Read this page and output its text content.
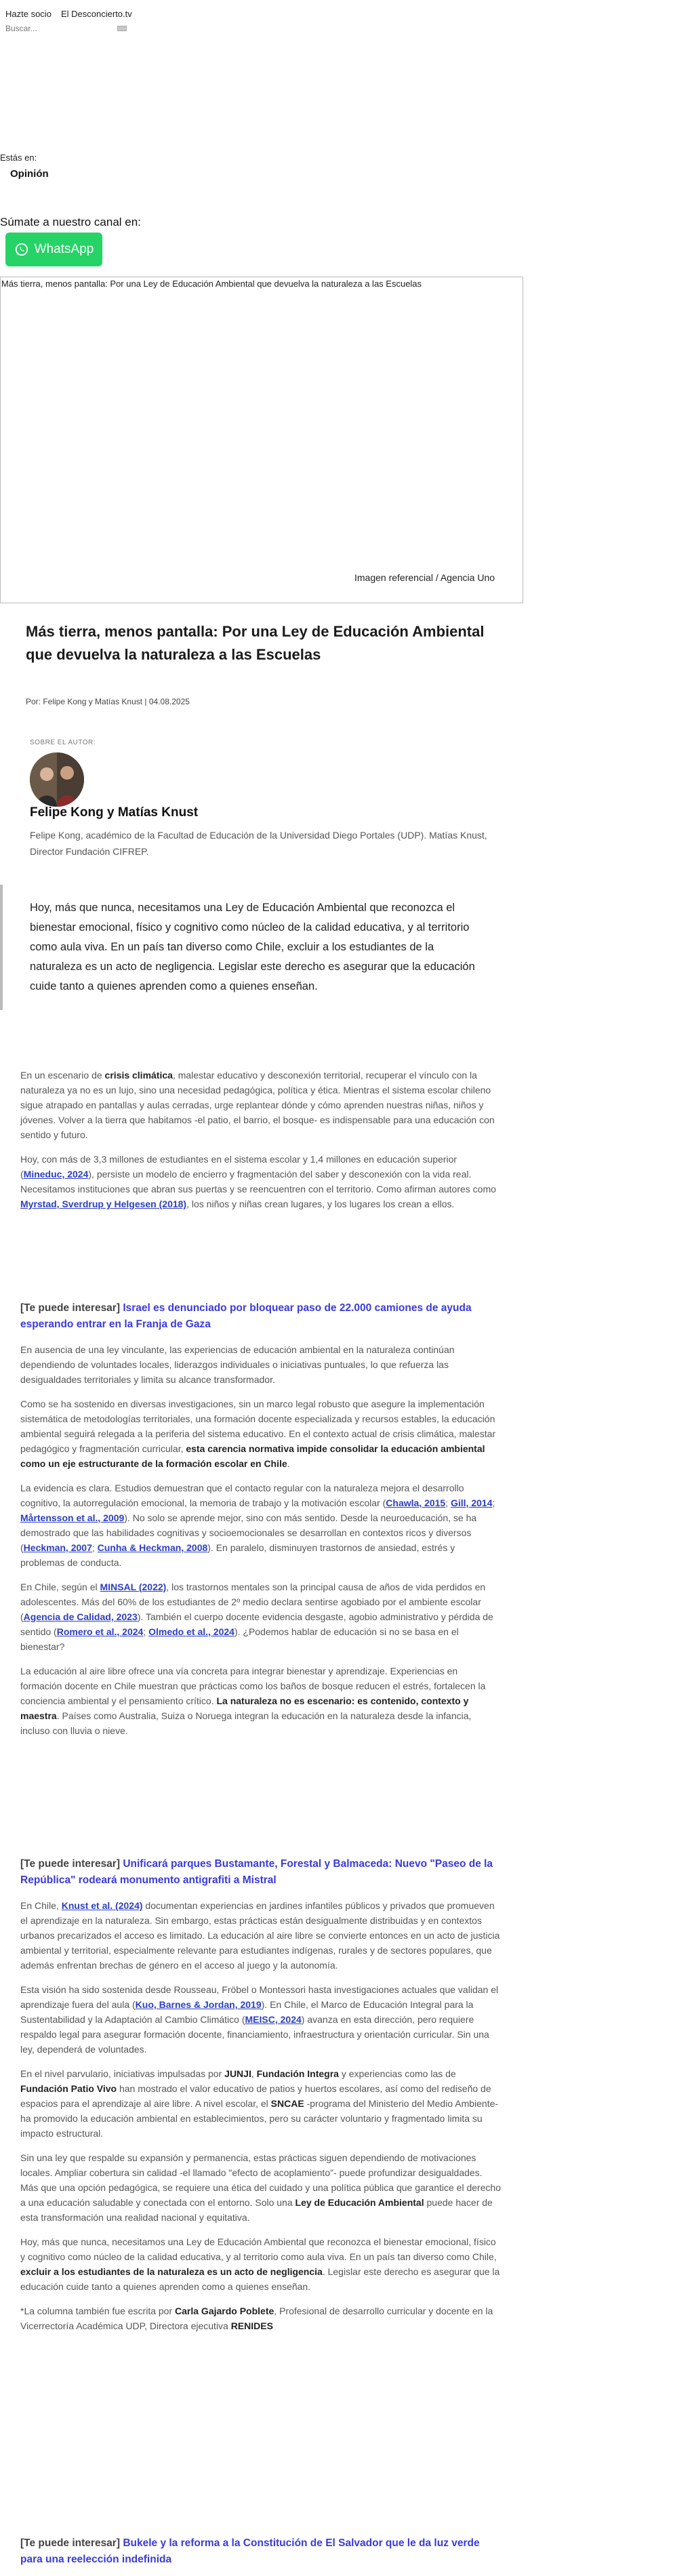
Hazte socio El Desconcierto.tv
Buscar...
Estás en:
Opinión
Súmate a nuestro canal en:
WhatsApp
Más tierra, menos pantalla: Por una Ley de Educación Ambiental que devuelva la naturaleza a las Escuelas
Imagen referencial / Agencia Uno
Más tierra, menos pantalla: Por una Ley de Educación Ambiental que devuelva la naturaleza a las Escuelas
Por: Felipe Kong y Matías Knust | 04.08.2025
SOBRE EL AUTOR:
Felipe Kong y Matías Knust

Felipe Kong, académico de la Facultad de Educación de la Universidad Diego Portales (UDP). Matías Knust, Director Fundación CIFREP.

Hoy, más que nunca, necesitamos una Ley de Educación Ambiental que reconozca el bienestar emocional, físico y cognitivo como núcleo de la calidad educativa, y al territorio como aula viva. En un país tan diverso como Chile, excluir a los estudiantes de la naturaleza es un acto de negligencia. Legislar este derecho es asegurar que la educación cuide tanto a quienes aprenden como a quienes enseñan.

En un escenario de crisis climática, malestar educativo y desconexión territorial, recuperar el vínculo con la naturaleza ya no es un lujo, sino una necesidad pedagógica, política y ética. Mientras el sistema escolar chileno sigue atrapado en pantallas y aulas cerradas, urge replantear dónde y cómo aprenden nuestras niñas, niños y jóvenes. Volver a la tierra que habitamos -el patio, el barrio, el bosque- es indispensable para una educación con sentido y futuro.

Hoy, con más de 3,3 millones de estudiantes en el sistema escolar y 1,4 millones en educación superior (Mineduc, 2024), persiste un modelo de encierro y fragmentación del saber y desconexión con la vida real. Necesitamos instituciones que abran sus puertas y se reencuentren con el territorio. Como afirman autores como Myrstad, Sverdrup y Helgesen (2018), los niños y niñas crean lugares, y los lugares los crean a ellos.

[Te puede interesar] Israel es denunciado por bloquear paso de 22.000 camiones de ayuda esperando entrar en la Franja de Gaza

En ausencia de una ley vinculante, las experiencias de educación ambiental en la naturaleza continúan dependiendo de voluntades locales, liderazgos individuales o iniciativas puntuales, lo que refuerza las desigualdades territoriales y limita su alcance transformador.

Como se ha sostenido en diversas investigaciones, sin un marco legal robusto que asegure la implementación sistemática de metodologías territoriales, una formación docente especializada y recursos estables, la educación ambiental seguirá relegada a la periferia del sistema educativo. En el contexto actual de crisis climática, malestar pedagógico y fragmentación curricular, esta carencia normativa impide consolidar la educación ambiental como un eje estructurante de la formación escolar en Chile.

La evidencia es clara. Estudios demuestran que el contacto regular con la naturaleza mejora el desarrollo cognitivo, la autorregulación emocional, la memoria de trabajo y la motivación escolar (Chawla, 2015; Gill, 2014; Mårtensson et al., 2009). No solo se aprende mejor, sino con más sentido. Desde la neuroeducación, se ha demostrado que las habilidades cognitivas y socioemocionales se desarrollan en contextos ricos y diversos (Heckman, 2007; Cunha & Heckman, 2008). En paralelo, disminuyen trastornos de ansiedad, estrés y problemas de conducta.

En Chile, según el MINSAL (2022), los trastornos mentales son la principal causa de años de vida perdidos en adolescentes. Más del 60% de los estudiantes de 2º medio declara sentirse agobiado por el ambiente escolar (Agencia de Calidad, 2023). También el cuerpo docente evidencia desgaste, agobio administrativo y pérdida de sentido (Romero et al., 2024; Olmedo et al., 2024). ¿Podemos hablar de educación si no se basa en el bienestar?

La educación al aire libre ofrece una vía concreta para integrar bienestar y aprendizaje. Experiencias en formación docente en Chile muestran que prácticas como los baños de bosque reducen el estrés, fortalecen la conciencia ambiental y el pensamiento crítico. La naturaleza no es escenario: es contenido, contexto y maestra. Países como Australia, Suiza o Noruega integran la educación en la naturaleza desde la infancia, incluso con lluvia o nieve.

[Te puede interesar] Unificará parques Bustamante, Forestal y Balmaceda: Nuevo "Paseo de la República" rodeará monumento antigrafiti a Mistral

En Chile, Knust et al. (2024) documentan experiencias en jardines infantiles públicos y privados que promueven el aprendizaje en la naturaleza. Sin embargo, estas prácticas están desigualmente distribuidas y en contextos urbanos precarizados el acceso es limitado. La educación al aire libre se convierte entonces en un acto de justicia ambiental y territorial, especialmente relevante para estudiantes indígenas, rurales y de sectores populares, que además enfrentan brechas de género en el acceso al juego y la autonomía.

Esta visión ha sido sostenida desde Rousseau, Fröbel o Montessori hasta investigaciones actuales que validan el aprendizaje fuera del aula (Kuo, Barnes & Jordan, 2019). En Chile, el Marco de Educación Integral para la Sustentabilidad y la Adaptación al Cambio Climático (MEISC, 2024) avanza en esta dirección, pero requiere respaldo legal para asegurar formación docente, financiamiento, infraestructura y orientación curricular. Sin una ley, dependerá de voluntades.

En el nivel parvulario, iniciativas impulsadas por JUNJI, Fundación Integra y experiencias como las de Fundación Patio Vivo han mostrado el valor educativo de patios y huertos escolares, así como del rediseño de espacios para el aprendizaje al aire libre. A nivel escolar, el SNCAE -programa del Ministerio del Medio Ambiente- ha promovido la educación ambiental en establecimientos, pero su carácter voluntario y fragmentado limita su impacto estructural.

Sin una ley que respalde su expansión y permanencia, estas prácticas siguen dependiendo de motivaciones locales. Ampliar cobertura sin calidad -el llamado "efecto de acoplamiento"- puede profundizar desigualdades. Más que una opción pedagógica, se requiere una ética del cuidado y una política pública que garantice el derecho a una educación saludable y conectada con el entorno. Solo una Ley de Educación Ambiental puede hacer de esta transformación una realidad nacional y equitativa.

Hoy, más que nunca, necesitamos una Ley de Educación Ambiental que reconozca el bienestar emocional, físico y cognitivo como núcleo de la calidad educativa, y al territorio como aula viva. En un país tan diverso como Chile, excluir a los estudiantes de la naturaleza es un acto de negligencia. Legislar este derecho es asegurar que la educación cuide tanto a quienes aprenden como a quienes enseñan.

*La columna también fue escrita por Carla Gajardo Poblete, Profesional de desarrollo curricular y docente en la Vicerrectoría Académica UDP, Directora ejecutiva RENIDES

[Te puede interesar] Bukele y la reforma a la Constitución de El Salvador que le da luz verde para una reelección indefinida
